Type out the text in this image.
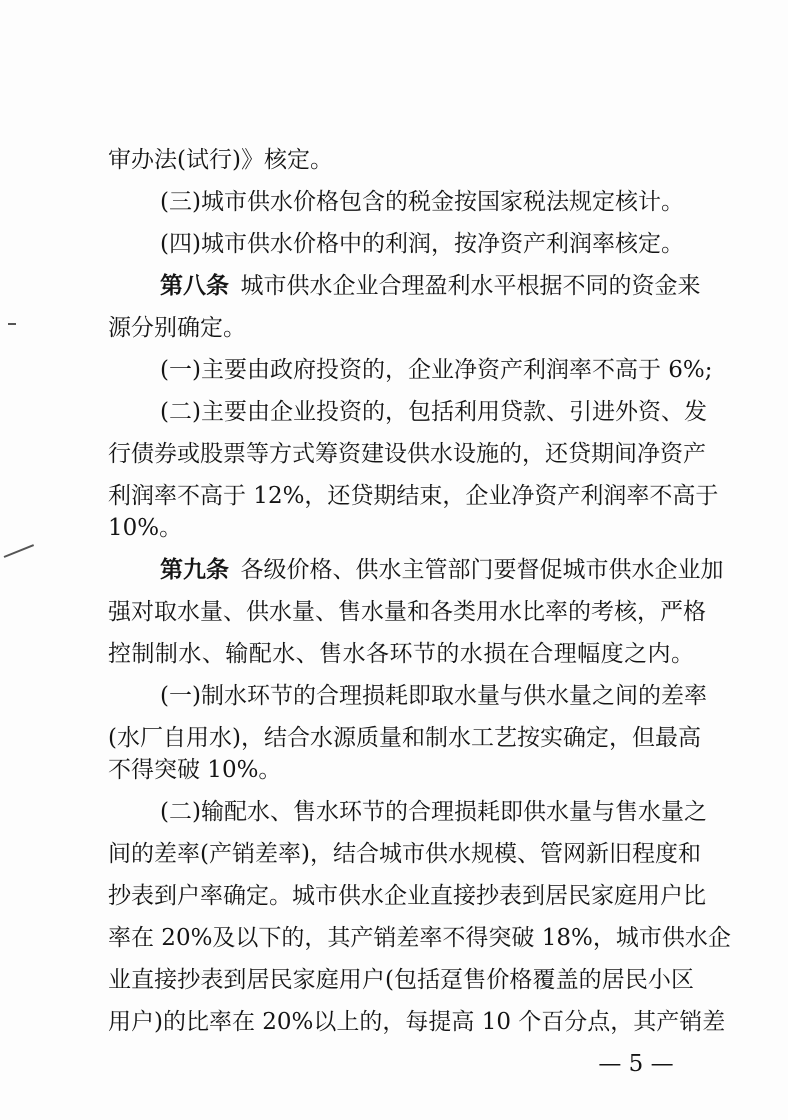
审办法(试行)》核定。
(三)城市供水价格包含的税金按国家税法规定核计。
(四)城市供水价格中的利润，按净资产利润率核定。
第八条  城市供水企业合理盈利水平根据不同的资金来
源分别确定。
(一)主要由政府投资的，企业净资产利润率不高于 6%;
(二)主要由企业投资的，包括利用贷款、引进外资、发
行债券或股票等方式筹资建设供水设施的，还贷期间净资产
利润率不高于 12%，还贷期结束，企业净资产利润率不高于
10%。
第九条  各级价格、供水主管部门要督促城市供水企业加
强对取水量、供水量、售水量和各类用水比率的考核，严格
控制制水、输配水、售水各环节的水损在合理幅度之内。
(一)制水环节的合理损耗即取水量与供水量之间的差率
(水厂自用水)，结合水源质量和制水工艺按实确定，但最高
不得突破 10%。
(二)输配水、售水环节的合理损耗即供水量与售水量之
间的差率(产销差率)，结合城市供水规模、管网新旧程度和
抄表到户率确定。城市供水企业直接抄表到居民家庭用户比
率在 20%及以下的，其产销差率不得突破 18%，城市供水企
业直接抄表到居民家庭用户(包括趸售价格覆盖的居民小区
用户)的比率在 20%以上的，每提高 10 个百分点，其产销差
— 5 —
